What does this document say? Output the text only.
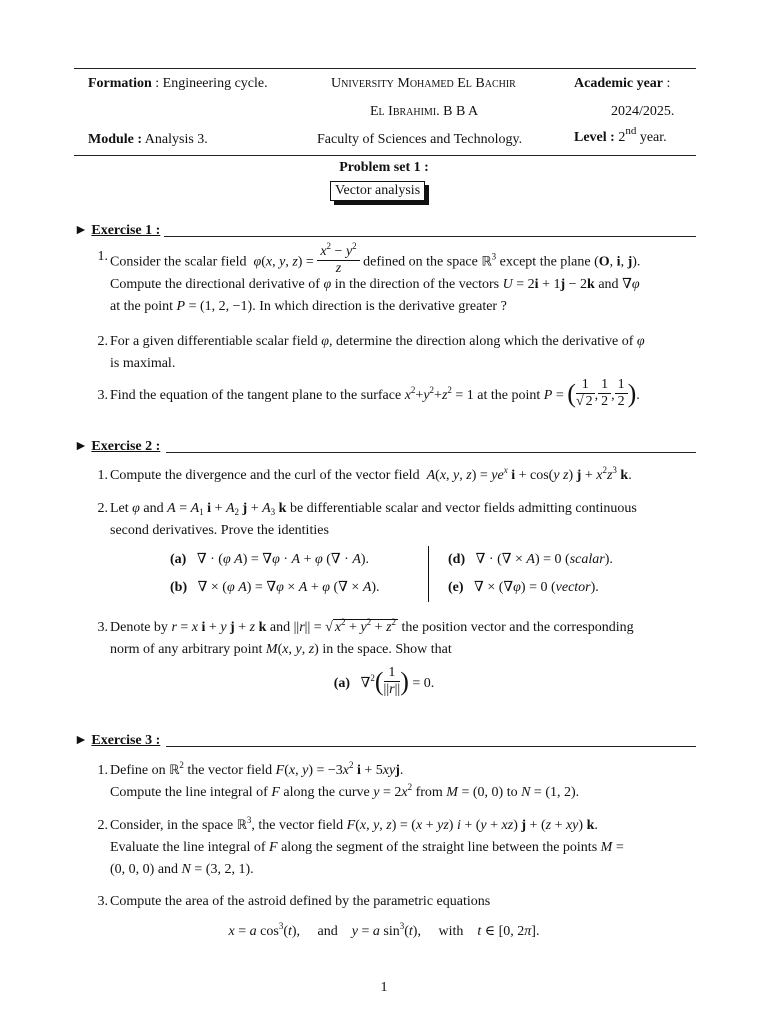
Formation : Engineering cycle.	University Mohamed El Bachir	Academic year :
El Ibrahimi. B B A	2024/2025.
Module : Analysis 3.	Faculty of Sciences and Technology.	Level : 2nd year.
Problem set 1 :
Vector analysis
► Exercise 1 :
1. Consider the scalar field φ(x, y, $z) = \frac{x^2 - y^2}{z}$ defined on the space ℝ$^3$ except the plane (O, i, j).
Compute the directional derivative of φ in the direction of the vectors U = 2i + 1j − 2k and ∇φ
at the point P = (1, 2, −1). In which direction is the derivative greater ?
2. For a given differentiable scalar field φ, determine the direction along which the derivative of φ
is maximal.
3. Find the equation of the tangent plane to the surface $x^2+y^2+z^2 = 1$ at the point P = ( $\frac{1}{√ 2}$ , $\frac{1}{2}$ , $\frac{1}{2}$ ).
► Exercise 2 :
1. Compute the divergence and the curl of the vector field A(x, y, $z) = ye^x$ i + cos(y z) $j + x^2z^3$ k.
2. Let φ and $A = A_1$ $i + A_2$ $j + A_3$ k be differentiable scalar and vector fields admitting continuous
second derivatives. Prove the identities
(a)   ∇ · (φ A) = ∇φ · A + φ (∇ · A).
(b)   ∇ × (φ A) = ∇φ × A + φ (∇ × A).
(d)   ∇ · (∇ × A) = 0 (scalar).
(e)   ∇ × (∇φ) = 0 (vector).
3. Denote by r = x i + y j + z k and ||r|| = √ $x^2 + y^2 + z^2$ the position vector and the corresponding
norm of any arbitrary point M(x, y, z) in the space. Show that
(a)   $\nabla^2( \frac{1}{||r||}$ ) = 0.
► Exercise 3 :
1. Define on ℝ$^2$ the vector field F(x, $y) = -3x^2$ i + 5xyj.
Compute the line integral of F along the curve $y = 2x^2$ from M = (0, 0) to N = (1, 2).
2. Consider, in the space ℝ$^3$, the vector field F(x, y, z) = (x + yz) i + (y + xz) j + (z + xy) k.
Evaluate the line integral of F along the segment of the straight line between the points M =
(0, 0, 0) and N = (3, 2, 1).
3. Compute the area of the astroid defined by the parametric equations
x = a $\cos^3(t)$,     and y = a $\sin^3(t)$,     with t ∈ [0, 2π].
1
